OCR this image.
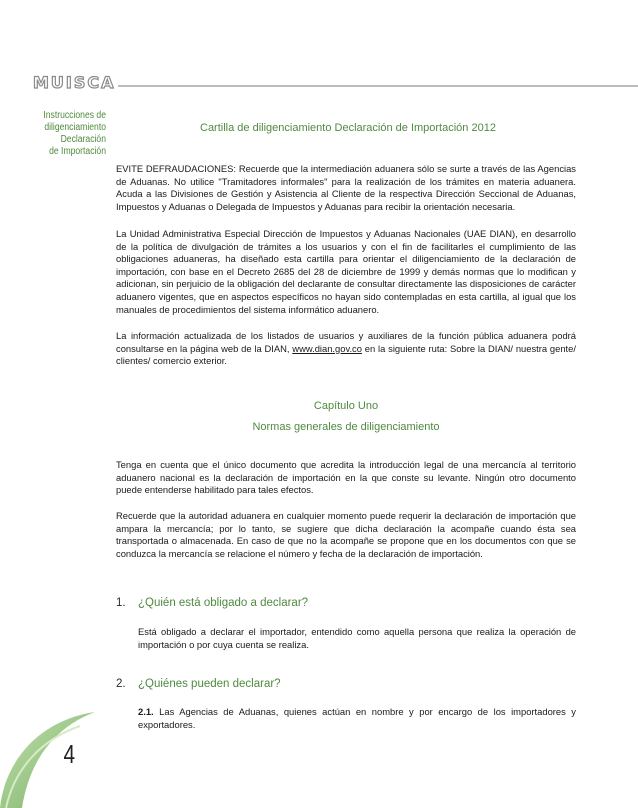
MUISCA
Instrucciones de
diligenciamiento
Declaración
de Importación
Cartilla de diligenciamiento Declaración de Importación 2012
EVITE DEFRAUDACIONES: Recuerde que la intermediación aduanera sólo se surte a través de las Agencias de Aduanas. No utilice "Tramitadores informales" para la realización de los trámites en materia aduanera. Acuda a las Divisiones de Gestión y Asistencia al Cliente de la respectiva Dirección Seccional de Aduanas, Impuestos y Aduanas o Delegada de Impuestos y Aduanas para recibir la orientación necesaria.
La Unidad Administrativa Especial Dirección de Impuestos y Aduanas Nacionales (UAE DIAN), en desarrollo de la política de divulgación de trámites a los usuarios y con el fin de facilitarles el cumplimiento de las obligaciones aduaneras, ha diseñado esta cartilla para orientar el diligenciamiento de la declaración de importación, con base en el Decreto 2685 del 28 de diciembre de 1999 y demás normas que lo modifican y adicionan, sin perjuicio de la obligación del declarante de consultar directamente las disposiciones de carácter aduanero vigentes, que en aspectos específicos no hayan sido contempladas en esta cartilla, al igual que los manuales de procedimientos del sistema informático aduanero.
La información actualizada de los listados de usuarios y auxiliares de la función pública aduanera podrá consultarse en la página web de la DIAN, www.dian.gov.co en la siguiente ruta: Sobre la DIAN/ nuestra gente/ clientes/ comercio exterior.
Capítulo Uno
Normas generales de diligenciamiento
Tenga en cuenta que el único documento que acredita la introducción legal de una mercancía al territorio aduanero nacional es la declaración de importación en la que conste su levante. Ningún otro documento puede entenderse habilitado para tales efectos.
Recuerde que la autoridad aduanera en cualquier momento puede requerir la declaración de importación que ampara la mercancía; por lo tanto, se sugiere que dicha declaración la acompañe cuando ésta sea transportada o almacenada. En caso de que no la acompañe se propone que en los documentos con que se conduzca la mercancía se relacione el número y fecha de la declaración de importación.
1. ¿Quién está obligado a declarar?
Está obligado a declarar el importador, entendido como aquella persona que realiza la operación de importación o por cuya cuenta se realiza.
2. ¿Quiénes pueden declarar?
2.1. Las Agencias de Aduanas, quienes actúan en nombre y por encargo de los importadores y exportadores.
4
